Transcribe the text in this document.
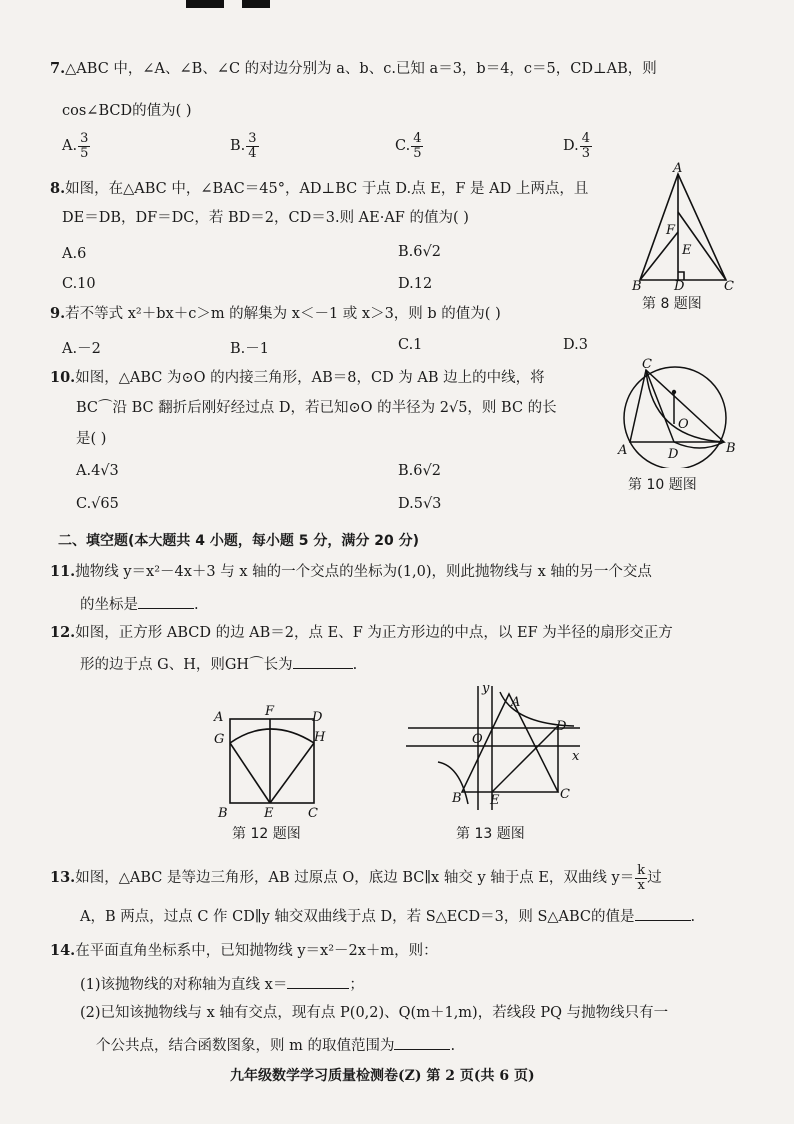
7.△ABC 中，∠A、∠B、∠C 的对边分别为 a、b、c.已知 a＝3，b＝4，c＝5，CD⊥AB，则
cos∠BCD的值为( )
A. $\frac{3}{5}$	B. $\frac{3}{4}$	C. $\frac{4}{5}$	D. $\frac{4}{3}$
8.如图，在△ABC 中，∠BAC＝45°，AD⊥BC 于点 D.点 E，F 是 AD 上两点，且
DE＝DB，DF＝DC，若 BD＝2，CD＝3.则 AE·AF 的值为( )
A.6	B.6√2
C.10	D.12
A
F
E
B D	C
第 8 题图
9.若不等式 x²＋bx＋c＞m 的解集为 x＜－1 或 x＞3，则 b 的值为( )
A.－2	B.－1	C.1	D.3
10.如图，△ABC 为⊙O 的内接三角形，AB＝8，CD 为 AB 边上的中线，将
BC⌒沿 BC 翻折后刚好经过点 D，若已知⊙O 的半径为 2√5，则 BC 的长
是( )
A.4√3	B.6√2
C.√65	D.5√3
C
O
A	D	B
第 10 题图
二、填空题(本大题共 4 小题，每小题 5 分，满分 20 分)
11.抛物线 y＝x²－4x＋3 与 x 轴的一个交点的坐标为(1,0)，则此抛物线与 x 轴的另一个交点
的坐标是	.
12.如图，正方形 ABCD 的边 AB＝2，点 E、F 为正方形边的中点，以 EF 为半径的扇形交正方
形的边于点 G、H，则GH⌒长为	.
A	F	D
G	H
B	E	C
第 12 题图
y
A
D
O
x
B E	C
第 13 题图
13.如图，△ABC 是等边三角形，AB 过原点 O，底边 BC∥x 轴交 y 轴于点 E，双曲线 $y= \frac{k}{x}$ 过
A，B 两点，过点 C 作 CD∥y 轴交双曲线于点 D，若 S△ECD＝3，则 S△ABC的值是	.
14.在平面直角坐标系中，已知抛物线 y＝x²－2x＋m，则：
(1)该抛物线的对称轴为直线 x＝	；
(2)已知该抛物线与 x 轴有交点，现有点 P(0,2)、Q(m＋1,m)，若线段 PQ 与抛物线只有一
个公共点，结合函数图象，则 m 的取值范围为	.
九年级数学学习质量检测卷(Z) 第 2 页(共 6 页)
